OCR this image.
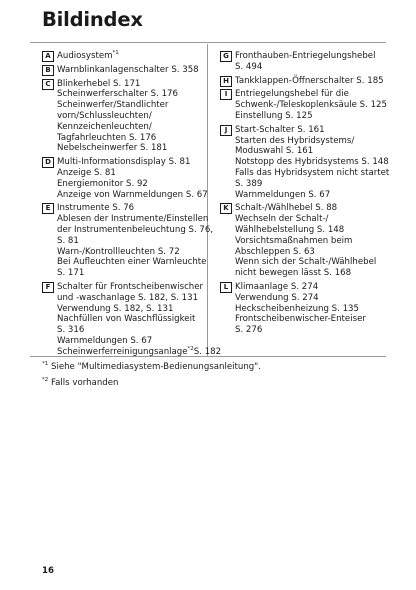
Bildindex
A Audiosystem$^{*1}$
B Warnblinkanlagenschalter S. 358
C Blinkerhebel S. 171
Scheinwerferschalter S. 176
Scheinwerfer/Standlichter
vorn/Schlussleuchten/
Kennzeichenleuchten/
Tagfahrleuchten S. 176
Nebelscheinwerfer S. 181
D Multi-Informationsdisplay S. 81
Anzeige S. 81
Energiemonitor S. 92
Anzeige von Warnmeldungen S. 67
E Instrumente S. 76
Ablesen der Instrumente/Einstellen
der Instrumentenbeleuchtung S. 76,
S. 81
Warn-/Kontrollleuchten S. 72
Bei Aufleuchten einer Warnleuchte
S. 171
F Schalter für Frontscheibenwischer
und -waschanlage S. 182, S. 131
Verwendung S. 182, S. 131
Nachfüllen von Waschflüssigkeit
S. 316
Warnmeldungen S. 67
Scheinwerferreinigungsanlage$^{*2}$S. 182
G Fronthauben-Entriegelungshebel
S. 494
H Tankklappen-Öffnerschalter S. 185
I Entriegelungshebel für die
Schwenk-/Teleskoplenksäule S. 125
Einstellung S. 125
J Start-Schalter S. 161
Starten des Hybridsystems/
Moduswahl S. 161
Notstopp des Hybridsystems S. 148
Falls das Hybridsystem nicht startet
S. 389
Warnmeldungen S. 67
K Schalt-/Wählhebel S. 88
Wechseln der Schalt-/
Wählhebelstellung S. 148
Vorsichtsmaßnahmen beim
Abschleppen S. 63
Wenn sich der Schalt-/Wählhebel
nicht bewegen lässt S. 168
L Klimaanlage S. 274
Verwendung S. 274
Heckscheibenheizung S. 135
Frontscheibenwischer-Enteiser
S. 276
$^{*1}$ Siehe "Multimediasystem-Bedienungsanleitung".
$^{*2}$ Falls vorhanden
16
